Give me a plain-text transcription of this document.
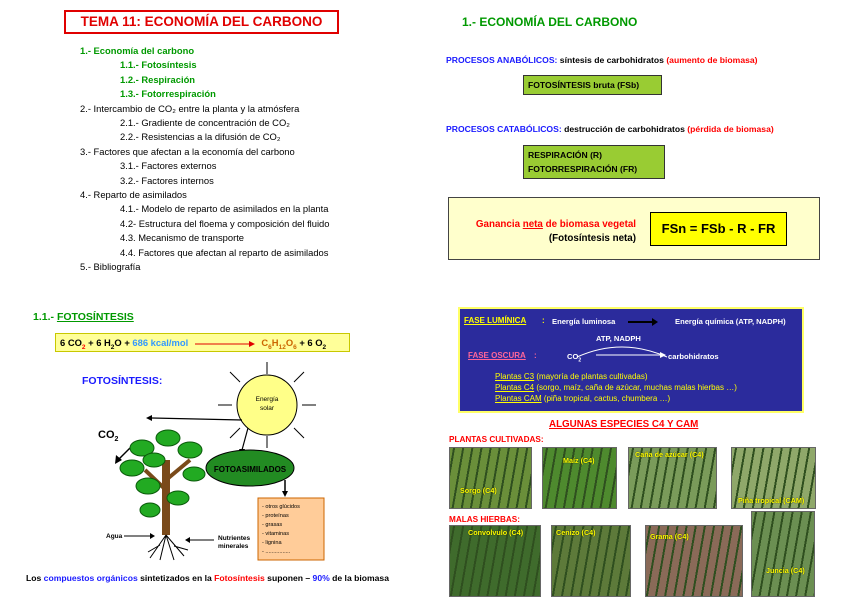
TEMA 11: ECONOMÍA DEL CARBONO
1.- Economía del carbono
1.1.- Fotosíntesis
1.2.- Respiración
1.3.- Fotorrespiración
2.- Intercambio de CO₂ entre la planta y la atmósfera
2.1.- Gradiente de concentración de CO₂
2.2.- Resistencias a la difusión de CO₂
3.- Factores que afectan a la economía del carbono
3.1.- Factores externos
3.2.- Factores internos
4.- Reparto de asimilados
4.1.- Modelo de reparto de asimilados en la planta
4.2- Estructura del floema y composición del fluido
4.3. Mecanismo de transporte
4.4. Factores que afectan al reparto de asimilados
5.- Bibliografía
1.1.- FOTOSÍNTESIS
6 $CO_2 + 6$ $H_2O + 686$ kcal/mol	$C_6H_{12}O_6 + 6$ $O_2$
FOTOSÍNTESIS:
Energía
solar
$CO_2$
FOTOASIMILADOS
- otros glúcidos
- proteínas
- grasas
- vitaminas
- lignina
- ................
Agua	Nutrientes
minerales
Los compuestos orgánicos sintetizados en la Fotosíntesis suponen – 90% de la biomasa
1.- ECONOMÍA DEL CARBONO
PROCESOS ANABÓLICOS: síntesis de carbohidratos (aumento de biomasa)
FOTOSÍNTESIS bruta (FSb)
PROCESOS CATABÓLICOS: destrucción de carbohidratos (pérdida de biomasa)
RESPIRACIÓN (R)
FOTORRESPIRACIÓN (FR)
Ganancia neta de biomasa vegetal
(Fotosíntesis neta)
FSn = FSb - R - FR
FASE LUMÍNICA : Energía luminosa	Energía química (ATP, NADPH)
ATP, NADPH
FASE OSCURA :	$CO_2$	carbohidratos
Plantas C3 (mayoría de plantas cultivadas)
Plantas C4 (sorgo, maíz, caña de azúcar, muchas malas hierbas …)
Plantas CAM (piña tropical, cactus, chumbera …)
ALGUNAS ESPECIES C4 Y CAM
PLANTAS CULTIVADAS:
MALAS HIERBAS:
Sorgo (C4)
Maíz (C4)
Caña de azúcar (C4)
Piña tropical (CAM)
Convolvulo (C4)	Cenizo (C4)	Grama (C4)
Juncia (C4)
